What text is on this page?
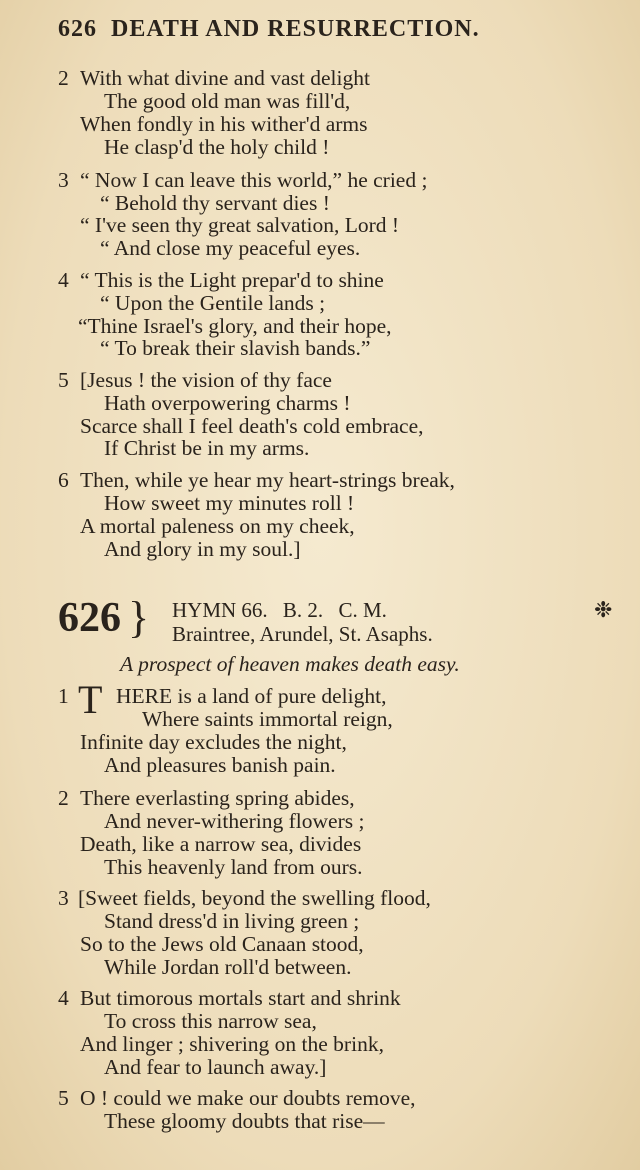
626 DEATH AND RESURRECTION.
2 With what divine and vast delight
The good old man was fill'd,
When fondly in his wither'd arms
He clasp'd the holy child !
3 “ Now I can leave this world,” he cried ;
“ Behold thy servant dies !
“ I've seen thy great salvation, Lord !
“ And close my peaceful eyes.
4 “ This is the Light prepar'd to shine
“ Upon the Gentile lands ;
“Thine Israel's glory, and their hope,
“ To break their slavish bands.”
5 [Jesus ! the vision of thy face
Hath overpowering charms !
Scarce shall I feel death's cold embrace,
If Christ be in my arms.
6 Then, while ye hear my heart-strings break,
How sweet my minutes roll !
A mortal paleness on my cheek,
And glory in my soul.]
626 } HYMN 66. B. 2. C. M.
Braintree, Arundel, St. Asaphs.
❉
A prospect of heaven makes death easy.
1 T HERE is a land of pure delight,
Where saints immortal reign,
Infinite day excludes the night,
And pleasures banish pain.
2 There everlasting spring abides,
And never-withering flowers ;
Death, like a narrow sea, divides
This heavenly land from ours.
3 [Sweet fields, beyond the swelling flood,
Stand dress'd in living green ;
So to the Jews old Canaan stood,
While Jordan roll'd between.
4 But timorous mortals start and shrink
To cross this narrow sea,
And linger ; shivering on the brink,
And fear to launch away.]
5 O ! could we make our doubts remove,
These gloomy doubts that rise—
